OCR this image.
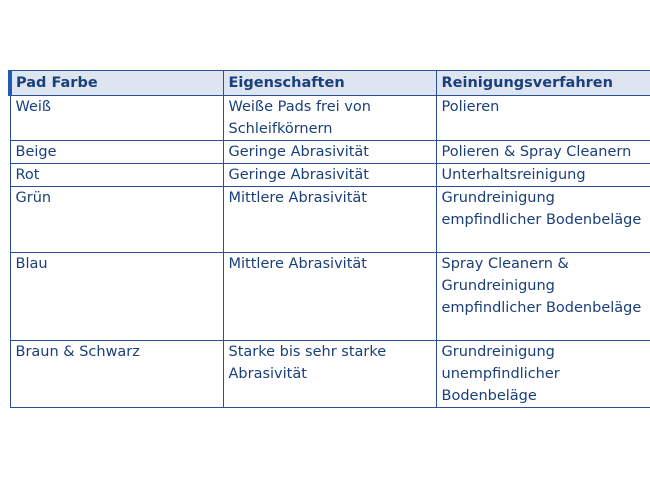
Pad Farbe	Eigenschaften	Reinigungsverfahren
Weiß	Weiße Pads frei von Schleifkörnern	Polieren
Beige	Geringe Abrasivität	Polieren & Spray Cleanern
Rot	Geringe Abrasivität	Unterhaltsreinigung
Grün	Mittlere Abrasivität	Grundreinigung empfindlicher Bodenbeläge
Blau	Mittlere Abrasivität	Spray Cleanern & Grundreinigung empfindlicher Bodenbeläge
Braun & Schwarz	Starke bis sehr starke Abrasivität	Grundreinigung unempfindlicher Bodenbeläge
